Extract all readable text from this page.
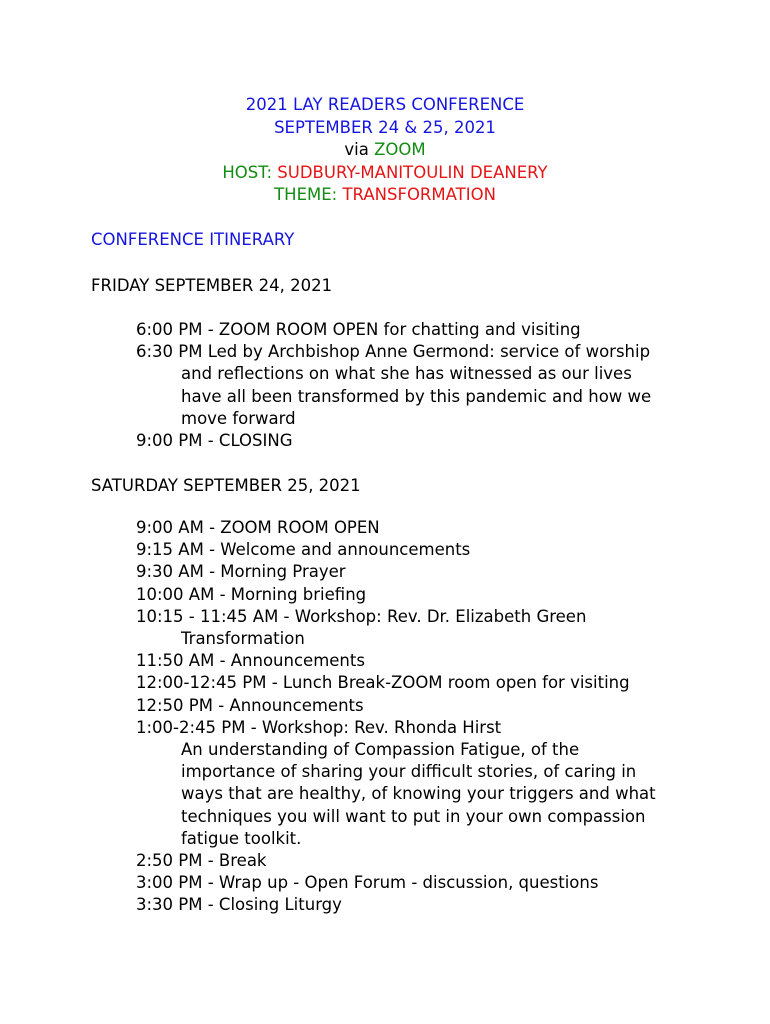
2021 LAY READERS CONFERENCE
SEPTEMBER 24 & 25, 2021
via ZOOM
HOST: SUDBURY-MANITOULIN DEANERY
THEME: TRANSFORMATION
CONFERENCE ITINERARY
FRIDAY SEPTEMBER 24, 2021
6:00 PM - ZOOM ROOM OPEN for chatting and visiting
6:30 PM Led by Archbishop Anne Germond: service of worship
and reflections on what she has witnessed as our lives
have all been transformed by this pandemic and how we
move forward
9:00 PM - CLOSING
SATURDAY SEPTEMBER 25, 2021
9:00 AM - ZOOM ROOM OPEN
9:15 AM - Welcome and announcements
9:30 AM - Morning Prayer
10:00 AM - Morning briefing
10:15 - 11:45 AM - Workshop: Rev. Dr. Elizabeth Green
Transformation
11:50 AM - Announcements
12:00-12:45 PM - Lunch Break-ZOOM room open for visiting
12:50 PM - Announcements
1:00-2:45 PM - Workshop: Rev. Rhonda Hirst
An understanding of Compassion Fatigue, of the
importance of sharing your difficult stories, of caring in
ways that are healthy, of knowing your triggers and what
techniques you will want to put in your own compassion
fatigue toolkit.
2:50 PM - Break
3:00 PM - Wrap up - Open Forum - discussion, questions
3:30 PM - Closing Liturgy
